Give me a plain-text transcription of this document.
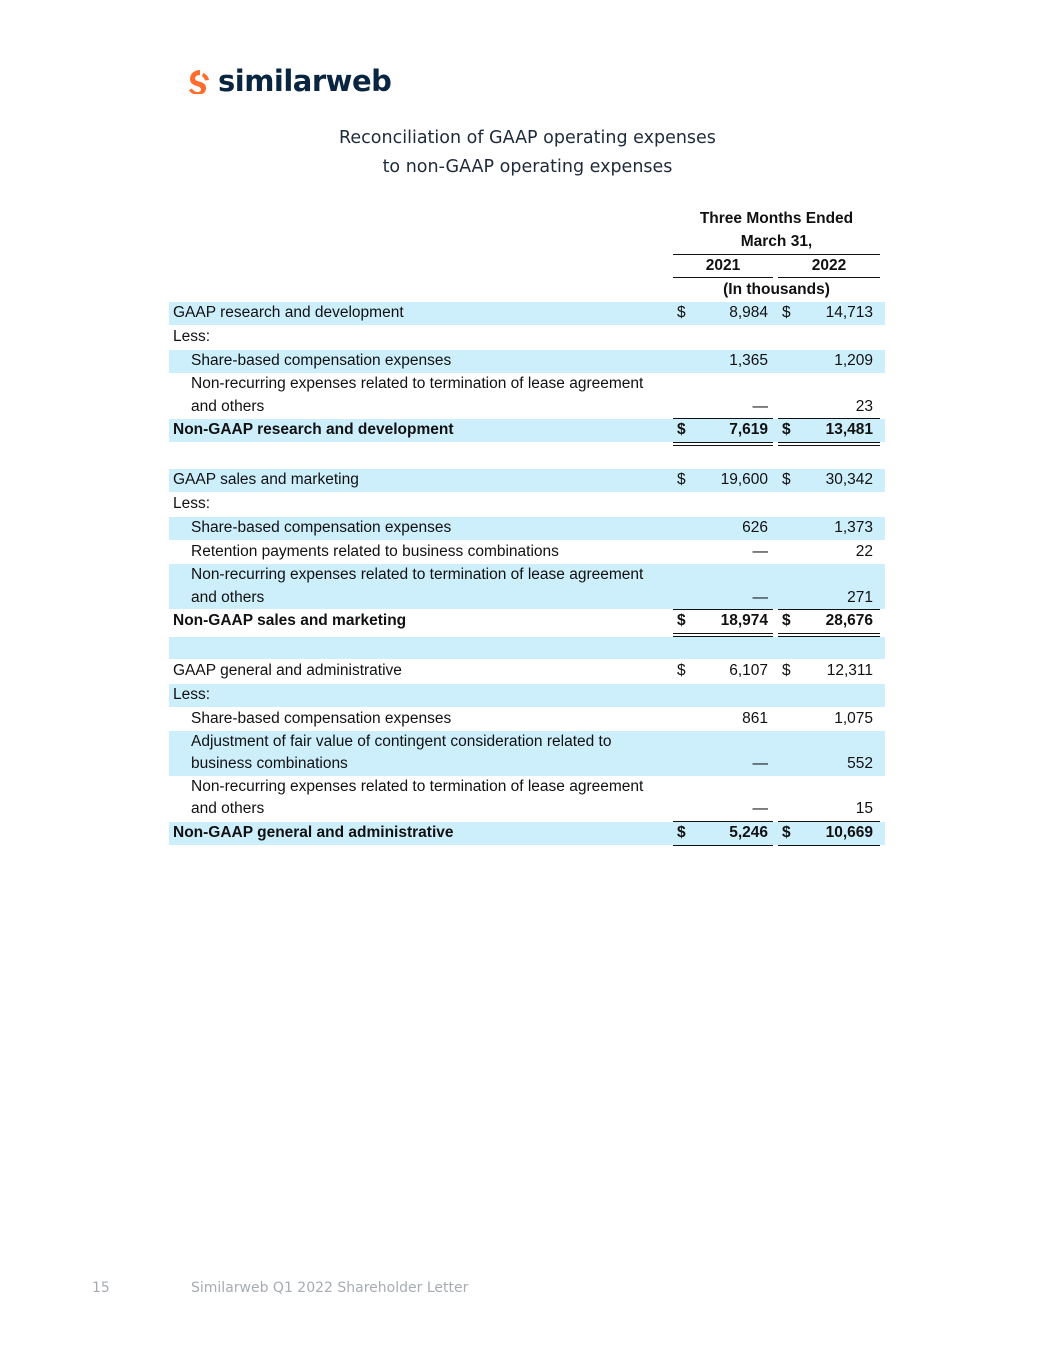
similarweb
Reconciliation of GAAP operating expenses
to non-GAAP operating expenses
Three Months Ended
March 31,
2021	2022
(In thousands)
GAAP research and development	$	8,984 $ 14,713
Less:
Share-based compensation expenses	1,365	1,209
Non-recurring expenses related to termination of lease agreement
and others	—	23
Non-GAAP research and development	$	7,619 $ 13,481
GAAP sales and marketing	$ 19,600 $ 30,342
Less:
Share-based compensation expenses	626	1,373
Retention payments related to business combinations	—	22
Non-recurring expenses related to termination of lease agreement
and others	—	271
Non-GAAP sales and marketing	$ 18,974 $ 28,676
GAAP general and administrative	$	6,107 $ 12,311
Less:
Share-based compensation expenses	861	1,075
Adjustment of fair value of contingent consideration related to
business combinations	—	552
Non-recurring expenses related to termination of lease agreement
and others	—	15
Non-GAAP general and administrative	$	5,246 $ 10,669
15	Similarweb Q1 2022 Shareholder Letter
